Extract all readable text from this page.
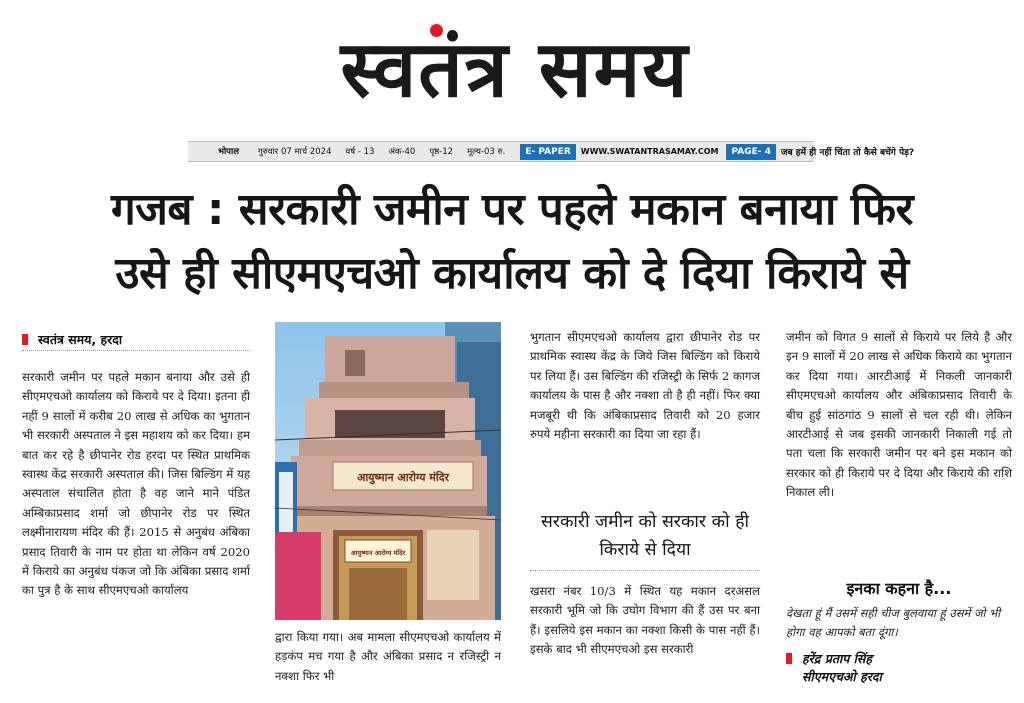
स्वतंत्र समय
भोपाल	गुरुवार 07 मार्च 2024	वर्ष - 13	अंक-40	पृष्ठ-12	मूल्य-03 रु.	E- PAPER	WWW.SWATANTRASAMAY.COM	PAGE- 4	जब हमें ही नहीं चिंता तो कैसे बचेंगे पेड़?
गजब : सरकारी जमीन पर पहले मकान बनाया फिर
उसे ही सीएमएचओ कार्यालय को दे दिया किराये से
स्वतंत्र समय, हरदा
सरकारी जमीन पर पहले मकान बनाया और उसे ही सीएमएचओ कार्यालय को किराये पर दे दिया। इतना ही नहीं 9 सालों में करीब 20 लाख से अधिक का भुगतान भी सरकारी अस्पताल ने इस महाशय को कर दिया। हम बात कर रहे है छीपानेर रोड हरदा पर स्थित प्राथमिक स्वास्थ केंद्र सरकारी अस्पताल की। जिस बिल्डिंग में यह अस्पताल संचालित होता है वह जाने माने पंडित अम्बिकाप्रसाद शर्मा जो छीपानेर रोड पर स्थित लक्ष्मीनारायण मंदिर की हैं। 2015 से अनुबंध अंबिका प्रसाद तिवारी के नाम पर होता था लेकिन वर्ष 2020 में किराये का अनुबंध पंकज जो कि अंबिका प्रसाद शर्मा का पुत्र है के साथ सीएमएचओ कार्यालय
आयुष्मान आरोग्य मंदिर
आयुष्मान आरोग्य मंदिर
द्वारा किया गया। अब मामला सीएमएचओ कार्यालय में हड़कंप मच गया है और अंबिका प्रसाद न रजिस्ट्री न नक्शा फिर भी
भुगतान सीएमएचओ कार्यालय द्वारा छीपानेर रोड पर प्राथमिक स्वास्थ केंद्र के जिये जिस बिल्डिंग को किराये पर लिया हैं। उस बिल्डिंग की रजिस्ट्री के सिर्फ 2 कागज कार्यालय के पास है और नक्शा तो है ही नहीं। फिर क्या मजबूरी थी कि अंबिकाप्रसाद तिवारी को 20 हजार रुपये महीना सरकारी का दिया जा रहा हैं।
सरकारी जमीन को सरकार को ही किराये से दिया
खसरा नंबर 10/3 में स्थित यह मकान दरअसल सरकारी भूमि जो कि उघोग विभाग की हैं उस पर बना हैं। इसलिये इस मकान का नक्शा किसी के पास नहीं हैं। इसके बाद भी सीएमएचओ इस सरकारी
जमीन को विगत 9 सालों से किराये पर लिये है और इन 9 सालों में 20 लाख से अधिक किराये का भुगतान कर दिया गया। आरटीआई में निकली जानकारी सीएमएचओ कार्यालय और अंबिकाप्रसाद तिवारी के बीच हुई सांठगांठ 9 सालों से चल रही थी। लेकिन आरटीआई से जब इसकी जानकारी निकाली गई तो पता चला कि सरकारी जमीन पर बने इस मकान को सरकार को ही किराये पर दे दिया और किराये की राशि निकाल ली।
इनका कहना है...
देखता हूं मैं उसमें सही चीज बुलवाया हूं उसमें जो भी होगा वह आपको बता दूंगा।
हरेंद्र प्रताप सिंह
सीएमएचओ हरदा
